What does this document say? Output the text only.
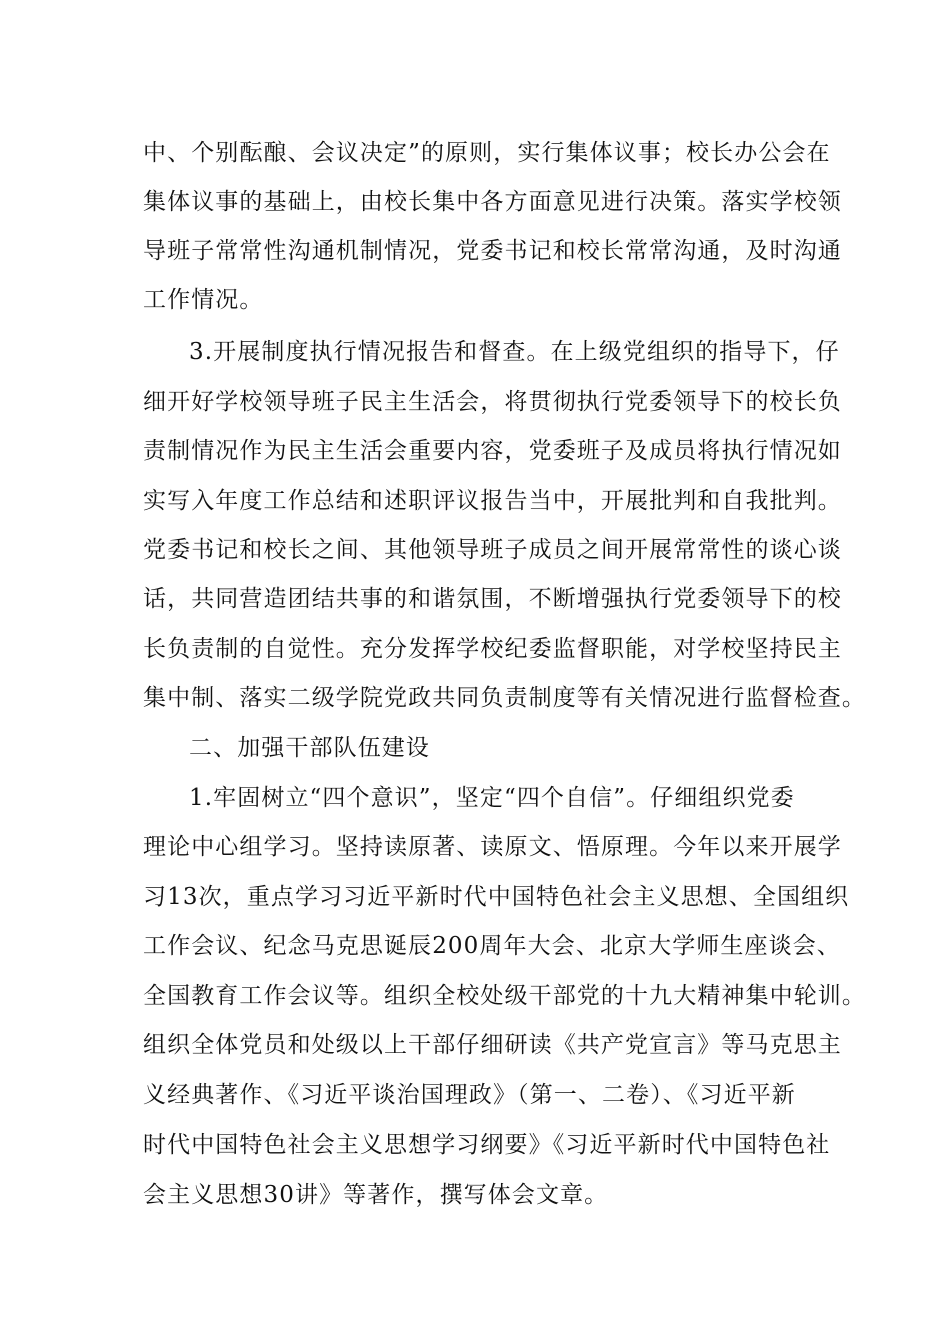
中、个别酝酿、会议决定”的原则，实行集体议事；校长办公会在
集体议事的基础上，由校长集中各方面意见进行决策。落实学校领
导班子常常性沟通机制情况，党委书记和校长常常沟通，及时沟通
工作情况。
3.开展制度执行情况报告和督查。在上级党组织的指导下，仔
细开好学校领导班子民主生活会，将贯彻执行党委领导下的校长负
责制情况作为民主生活会重要内容，党委班子及成员将执行情况如
实写入年度工作总结和述职评议报告当中，开展批判和自我批判。
党委书记和校长之间、其他领导班子成员之间开展常常性的谈心谈
话，共同营造团结共事的和谐氛围，不断增强执行党委领导下的校
长负责制的自觉性。充分发挥学校纪委监督职能，对学校坚持民主
集中制、落实二级学院党政共同负责制度等有关情况进行监督检查。
二、加强干部队伍建设
1.牢固树立“四个意识”，坚定“四个自信”。仔细组织党委
理论中心组学习。坚持读原著、读原文、悟原理。今年以来开展学
习13次，重点学习习近平新时代中国特色社会主义思想、全国组织
工作会议、纪念马克思诞辰200周年大会、北京大学师生座谈会、
全国教育工作会议等。组织全校处级干部党的十九大精神集中轮训。
组织全体党员和处级以上干部仔细研读《共产党宣言》等马克思主
义经典著作、《习近平谈治国理政》（第一、二卷）、《习近平新
时代中国特色社会主义思想学习纲要》《习近平新时代中国特色社
会主义思想30讲》等著作，撰写体会文章。
